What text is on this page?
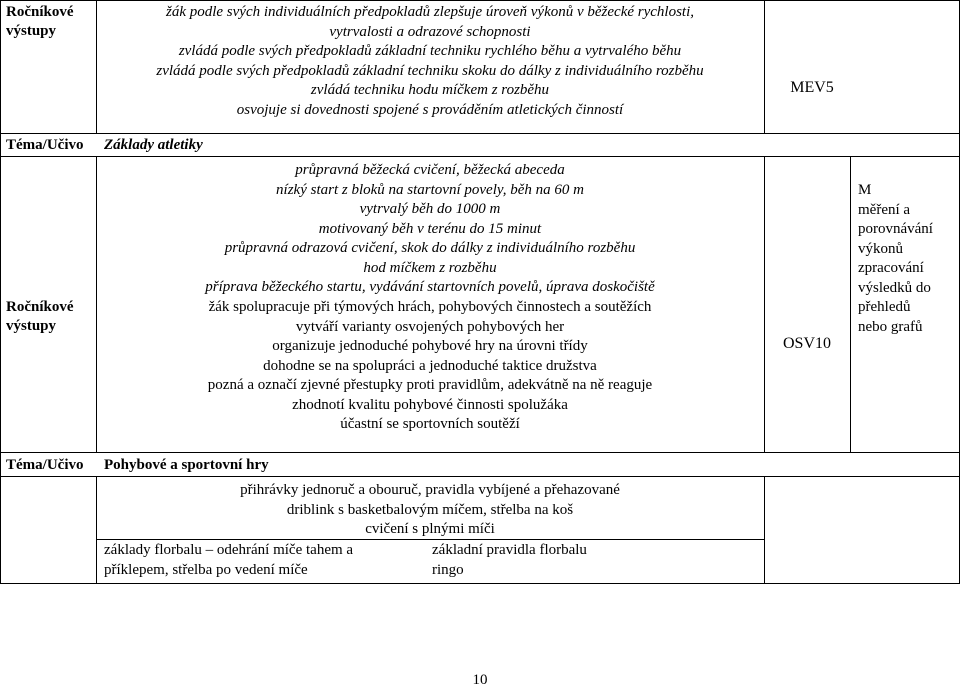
Ročníkové
výstupy
žák podle svých individuálních předpokladů zlepšuje úroveň výkonů v běžecké rychlosti,
vytrvalosti a odrazové schopnosti
zvládá podle svých předpokladů základní techniku rychlého běhu a vytrvalého běhu
zvládá podle svých předpokladů základní techniku skoku do dálky z individuálního rozběhu
zvládá techniku hodu míčkem z rozběhu
osvojuje si dovednosti spojené s prováděním atletických činností
MEV5
Téma/Učivo Základy atletiky
Ročníkové
výstupy
průpravná běžecká cvičení, běžecká abeceda
nízký start z bloků na startovní povely, běh na 60 m
vytrvalý běh do 1000 m
motivovaný běh v terénu do 15 minut
průpravná odrazová cvičení, skok do dálky z individuálního rozběhu
hod míčkem z rozběhu
příprava běžeckého startu, vydávání startovních povelů, úprava doskočiště
žák spolupracuje při týmových hrách, pohybových činnostech a soutěžích
vytváří varianty osvojených pohybových her
organizuje jednoduché pohybové hry na úrovni třídy
dohodne se na spolupráci a jednoduché taktice družstva
pozná a označí zjevné přestupky proti pravidlům, adekvátně na ně reaguje
zhodnotí kvalitu pohybové činnosti spolužáka
účastní se sportovních soutěží
OSV10
M
měření a
porovnávání
výkonů
zpracování
výsledků do
přehledů
nebo grafů
Téma/Učivo Pohybové a sportovní hry
přihrávky jednoruč a obouruč, pravidla vybíjené a přehazované
driblink s basketbalovým míčem, střelba na koš
cvičení s plnými míči
základy florbalu – odehrání míče tahem a
příklepem, střelba po vedení míče
základní pravidla florbalu
ringo
10
